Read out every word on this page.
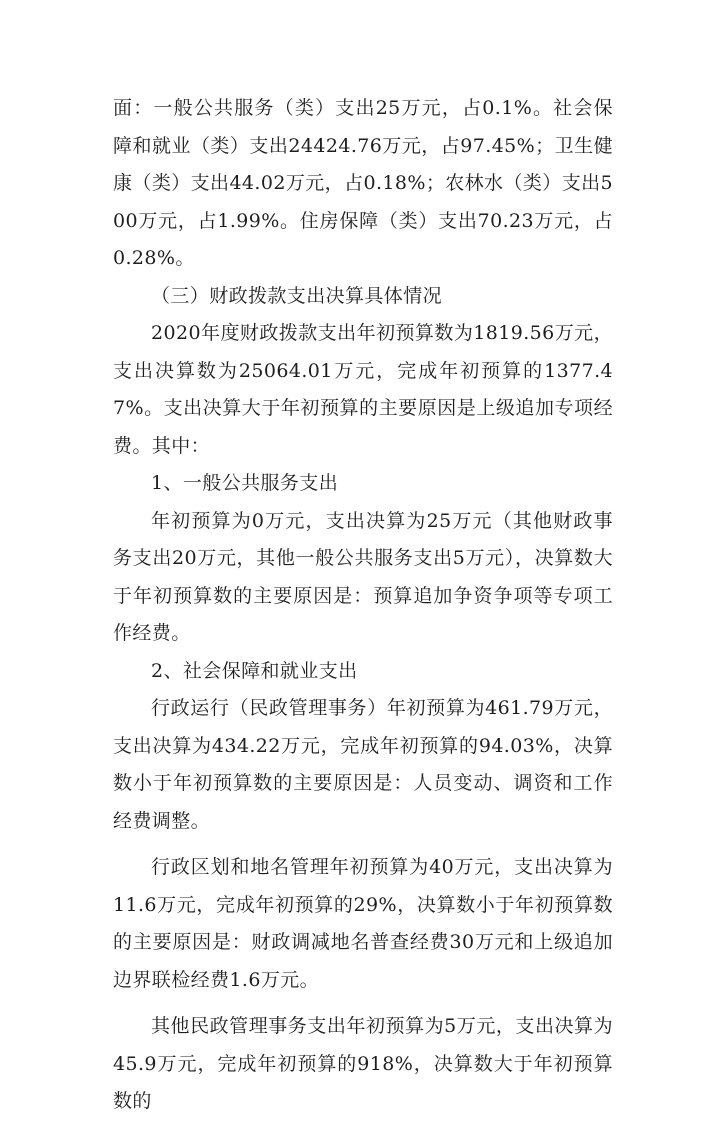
面：一般公共服务（类）支出25万元，占0.1%。社会保障和就业（类）支出24424.76万元，占97.45%；卫生健康（类）支出44.02万元，占0.18%；农林水（类）支出500万元，占1.99%。住房保障（类）支出70.23万元，占0.28%。

（三）财政拨款支出决算具体情况

2020年度财政拨款支出年初预算数为1819.56万元，支出决算数为25064.01万元，完成年初预算的1377.47%。支出决算大于年初预算的主要原因是上级追加专项经费。其中：

1、一般公共服务支出

年初预算为0万元，支出决算为25万元（其他财政事务支出20万元，其他一般公共服务支出5万元），决算数大于年初预算数的主要原因是：预算追加争资争项等专项工作经费。

2、社会保障和就业支出

行政运行（民政管理事务）年初预算为461.79万元，支出决算为434.22万元，完成年初预算的94.03%，决算数小于年初预算数的主要原因是：人员变动、调资和工作经费调整。

行政区划和地名管理年初预算为40万元，支出决算为11.6万元，完成年初预算的29%，决算数小于年初预算数的主要原因是：财政调减地名普查经费30万元和上级追加边界联检经费1.6万元。

其他民政管理事务支出年初预算为5万元，支出决算为45.9万元，完成年初预算的918%，决算数大于年初预算数的
